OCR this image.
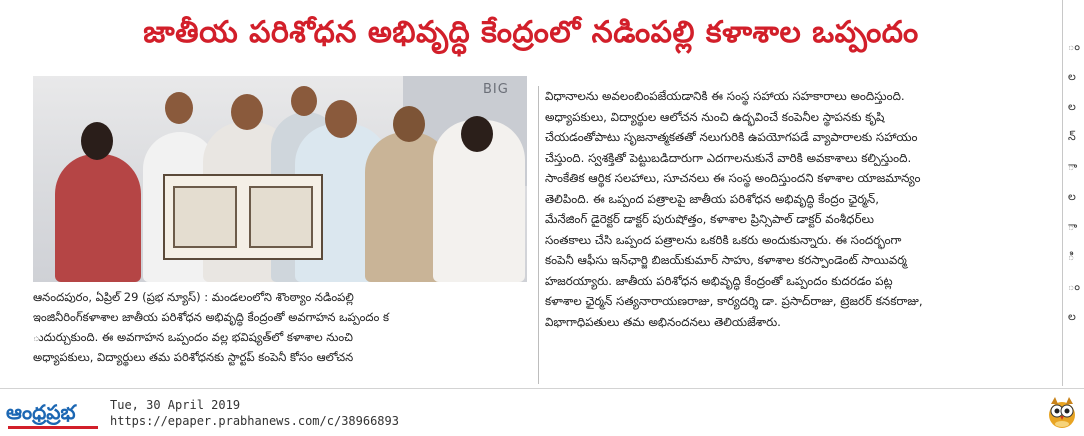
జాతీయ పరిశోధన అభివృద్ధి కేంద్రంలో నడింపల్లి కళాశాల ఒప్పందం
BIG

ఆనందపురం, ఏప్రిల్ 29 (ప్రభ న్యూస్) : మండలంలోని శొంఠ్యాం నడింపల్లి

ఇంజినీరింగ్‌కళాశాల జాతీయ పరిశోధన అభివృద్ధి కేంద్రంతో అవగాహన ఒప్పందం క

ుదుర్చుకుంది. ఈ అవగాహన ఒప్పందం వల్ల భవిష్యత్‌లో కళాశాల నుంచి

అధ్యాపకులు, విద్యార్థులు తమ పరిశోధనకు స్టార్టప్ కంపెనీ కోసం ఆలోచన

విధానాలను అవలంబింపజేయడానికి ఈ సంస్థ సహాయ సహకారాలు అందిస్తుంది.

అధ్యాపకులు, విద్యార్థుల ఆలోచన నుంచి ఉద్భవించే కంపెనీల స్థాపనకు కృషి

చేయడంతోపాటు సృజనాత్మకతతో నలుగురికి ఉపయోగపడే వ్యాపారాలకు సహాయం

చేస్తుంది. స్వశక్తితో పెట్టుబడిదారుగా ఎదగాలనుకునే వారికి అవకాశాలు కల్పిస్తుంది.

సాంకేతిక ఆర్థిక సలహాలు, సూచనలు ఈ సంస్థ అందిస్తుందని కళాశాల యాజమాన్యం

తెలిపింది. ఈ ఒప్పంద పత్రాలపై జాతీయ పరిశోధన అభివృద్ధి కేంద్రం ఛైర్మన్,

మేనేజింగ్ డైరెక్టర్ డాక్టర్ పురుషోత్తం, కళాశాల ప్రిన్సిపాల్ డాక్టర్ వంశీధర్‌లు

సంతకాలు చేసి ఒప్పంద పత్రాలను ఒకరికి ఒకరు అందుకున్నారు. ఈ సందర్భంగా

కంపెనీ ఆఫీసు ఇన్‌ఛార్జి బిజయ్‌కుమార్ సాహు, కళాశాల కరస్పాండెంట్ సాయివర్మ

హజరయ్యారు. జాతీయ పరిశోధన అభివృద్ధి కేంద్రంతో ఒప్పందం కుదరడం పట్ల

కళాశాల ఛైర్మన్ సత్యనారాయణరాజు, కార్యదర్శి డా. ప్రసాద్‌రాజు, ట్రెజరర్ కనకరాజు,

విభాగాధిపతులు తమ అభినందనలు తెలియజేశారు.

ం
ల
ల
న్
ా
ల
ా
ి
ం
ల
ఆంధ్రప్రభ	Tue, 30 April 2019
https://epaper.prabhanews.com/c/38966893
